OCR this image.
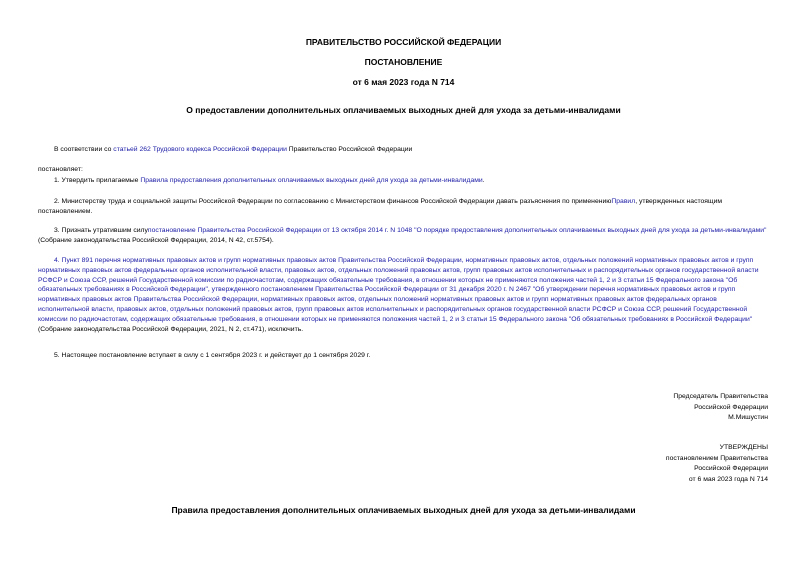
ПРАВИТЕЛЬСТВО РОССИЙСКОЙ ФЕДЕРАЦИИ
ПОСТАНОВЛЕНИЕ
от 6 мая 2023 года N 714
О предоставлении дополнительных оплачиваемых выходных дней для ухода за детьми-инвалидами
В соответствии со статьей 262 Трудового кодекса Российской Федерации Правительство Российской Федерации
постановляет:
1. Утвердить прилагаемые Правила предоставления дополнительных оплачиваемых выходных дней для ухода за детьми-инвалидами.
2. Министерству труда и социальной защиты Российской Федерации по согласованию с Министерством финансов Российской Федерации давать разъяснения по применениюПравил, утвержденных настоящим постановлением.
3. Признать утратившим силупостановление Правительства Российской Федерации от 13 октября 2014 г. N 1048 "О порядке предоставления дополнительных оплачиваемых выходных дней для ухода за детьми-инвалидами" (Собрание законодательства Российской Федерации, 2014, N 42, ст.5754).
4. Пункт 891 перечня нормативных правовых актов и групп нормативных правовых актов Правительства Российской Федерации, нормативных правовых актов, отдельных положений нормативных правовых актов и групп нормативных правовых актов федеральных органов исполнительной власти, правовых актов, отдельных положений правовых актов, групп правовых актов исполнительных и распорядительных органов государственной власти РСФСР и Союза ССР, решений Государственной комиссии по радиочастотам, содержащих обязательные требования, в отношении которых не применяются положения частей 1, 2 и 3 статьи 15 Федерального закона "Об обязательных требованиях в Российской Федерации", утвержденного постановлением Правительства Российской Федерации от 31 декабря 2020 г. N 2467 "Об утверждении перечня нормативных правовых актов и групп нормативных правовых актов Правительства Российской Федерации, нормативных правовых актов, отдельных положений нормативных правовых актов и групп нормативных правовых актов федеральных органов исполнительной власти, правовых актов, отдельных положений правовых актов, групп правовых актов исполнительных и распорядительных органов государственной власти РСФСР и Союза ССР, решений Государственной комиссии по радиочастотам, содержащих обязательные требования, в отношении которых не применяются положения частей 1, 2 и 3 статьи 15 Федерального закона "Об обязательных требованиях в Российской Федерации" (Собрание законодательства Российской Федерации, 2021, N 2, ст.471), исключить.
5. Настоящее постановление вступает в силу с 1 сентября 2023 г. и действует до 1 сентября 2029 г.
Председатель Правительства
Российской Федерации
М.Мишустин
УТВЕРЖДЕНЫ
постановлением Правительства
Российской Федерации
от 6 мая 2023 года N 714
Правила предоставления дополнительных оплачиваемых выходных дней для ухода за детьми-инвалидами
